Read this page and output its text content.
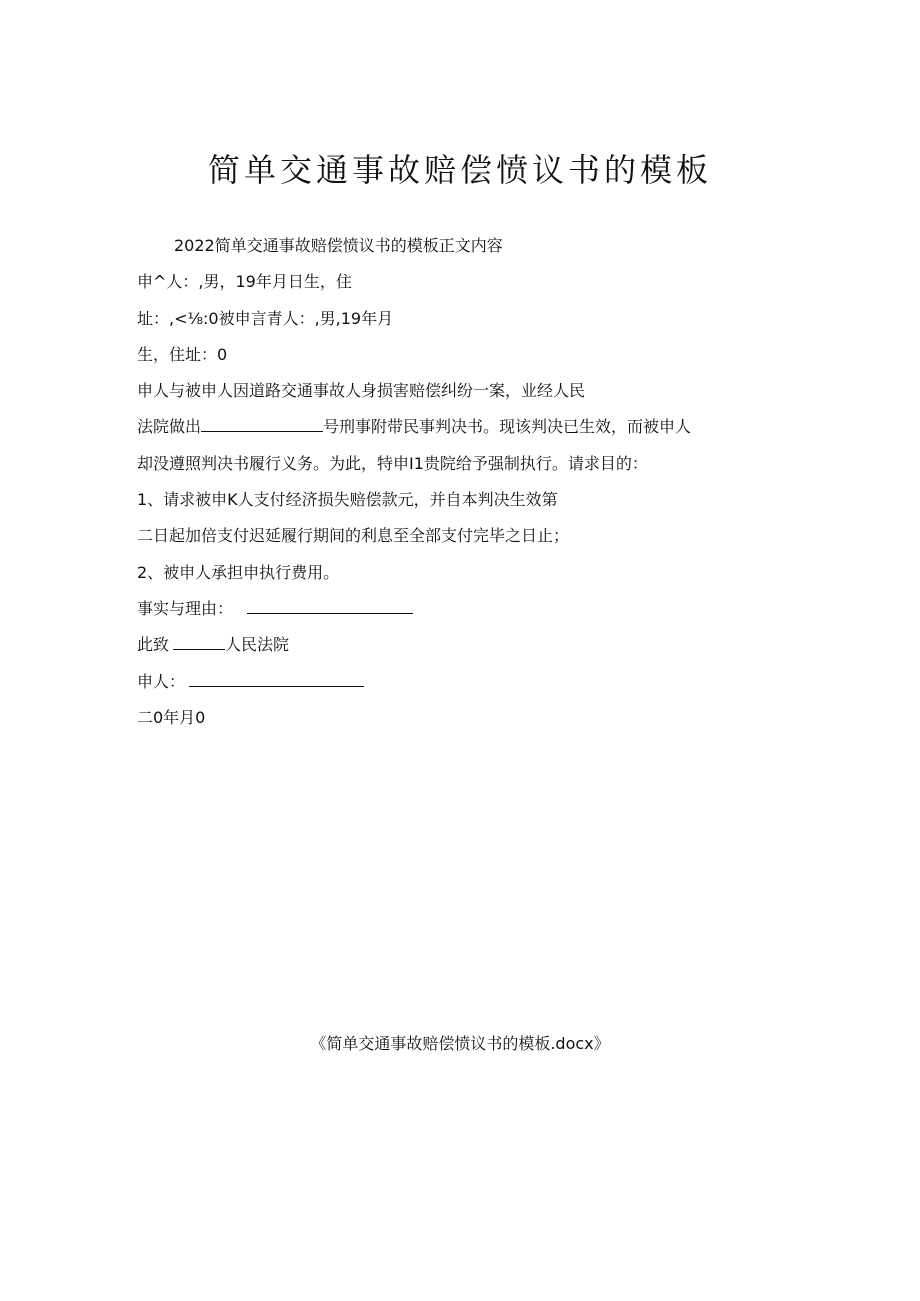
简单交通事故赔偿愤议书的模板
2022简单交通事故赔偿愤议书的模板正文内容
申^人：,男，19年月日生，住
址：,<⅛:0被申言青人：,男,19年月
生，住址：0
申人与被申人因道路交通事故人身损害赔偿纠纷一案，业经人民
法院做出	号刑事附带民事判决书。现该判决已生效，而被申人
却没遵照判决书履行义务。为此，特申I1贵院给予强制执行。请求目的：
1、请求被申K人支付经济损失赔偿款元，并自本判决生效第
二日起加倍支付迟延履行期间的利息至全部支付完毕之日止；
2、被申人承担申执行费用。
事实与理由：
此致	人民法院
申人：
二0年月0
《简单交通事故赔偿愤议书的模板.docx》
